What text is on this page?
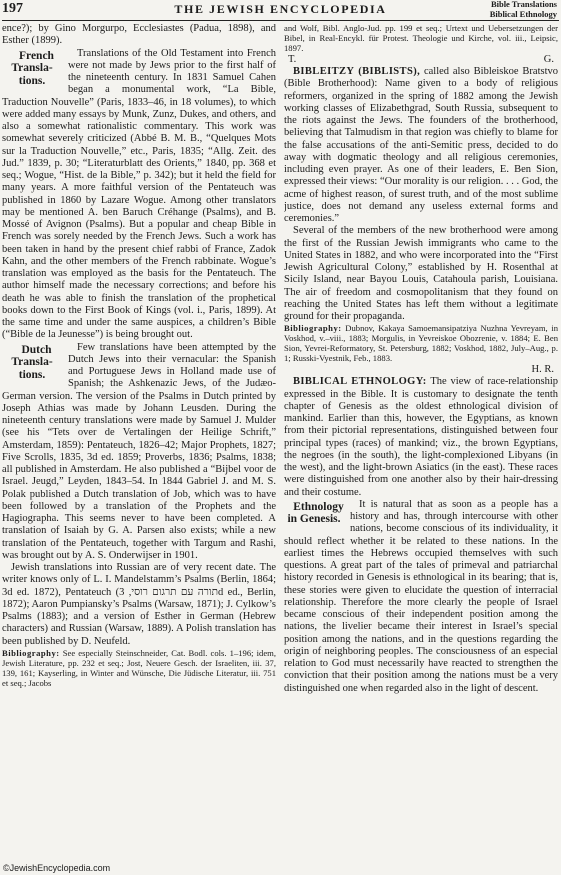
197	THE JEWISH ENCYCLOPEDIA	Bible Translations
Biblical Ethnology

ence?); by Gino Morgurpo, Ecclesiastes (Padua, 1898), and Esther (1899).

French Transla-tions.
Translations of the Old Testament into French were not made by Jews prior to the first half of the nineteenth century. In 1831 Samuel Cahen began a monumental work, “La Bible, Traduction Nouvelle” (Paris, 1833–46, in 18 volumes), to which were added many essays by Munk, Zunz, Dukes, and others, and also a somewhat rationalistic commentary. This work was somewhat severely criticized (Abbé B. M. B., “Quelques Mots sur la Traduction Nouvelle,” etc., Paris, 1835; “Allg. Zeit. des Jud.” 1839, p. 30; “Literaturblatt des Orients,” 1840, pp. 368 et seq.; Wogue, “Hist. de la Bible,” p. 342); but it held the field for many years. A more faithful version of the Pentateuch was published in 1860 by Lazare Wogue. Among other translators may be mentioned A. ben Baruch Créhange (Psalms), and B. Mossé of Avignon (Psalms). But a popular and cheap Bible in French was sorely needed by the French Jews. Such a work has been taken in hand by the present chief rabbi of France, Zadok Kahn, and the other members of the French rabbinate. Wogue’s translation was employed as the basis for the Pentateuch. The author himself made the necessary corrections; and before his death he was able to finish the translation of the prophetical books down to the First Book of Kings (vol. i., Paris, 1899). At the same time and under the same auspices, a children’s Bible (“Bible de la Jeunesse”) is being brought out.

Dutch Transla-tions.
Few translations have been attempted by the Dutch Jews into their vernacular: the Spanish and Portuguese Jews in Holland made use of Spanish; the Ashkenazic Jews, of the Judæo-German version. The version of the Psalms in Dutch printed by Joseph Athias was made by Johann Leusden. During the nineteenth century translations were made by Samuel J. Mulder (see his “Tets over de Vertalingen der Heilige Schrift,” Amsterdam, 1859): Pentateuch, 1826–42; Major Prophets, 1827; Five Scrolls, 1835, 3d ed. 1859; Proverbs, 1836; Psalms, 1838; all published in Amsterdam. He also published a “Bijbel voor de Israel. Jeugd,” Leyden, 1843–54. In 1844 Gabriel J. and M. S. Polak published a Dutch translation of Job, which was to have been followed by a translation of the Prophets and the Hagiographa. This seems never to have been completed. A translation of Isaiah by G. A. Parsen also exists; while a new translation of the Pentateuch, together with Targum and Rashi, was brought out by A. S. Onderwijser in 1901.

Jewish translations into Russian are of very recent date. The writer knows only of L. I. Mandelstamm’s Psalms (Berlin, 1864; 3d ed. 1872), Pentateuch (תורה עם תרגום רוסי, 3d ed., Berlin, 1872); Aaron Pumpiansky’s Psalms (Warsaw, 1871); J. Cylkow’s Psalms (1883); and a version of Esther in German (Hebrew characters) and Russian (Warsaw, 1889). A Polish translation has been published by D. Neufeld.

Bibliography: See especially Steinschneider, Cat. Bodl. cols. 1–196; idem, Jewish Literature, pp. 232 et seq.; Jost, Neuere Gesch. der Israeliten, iii. 37, 139, 161; Kayserling, in Winter and Wünsche, Die Jüdische Literatur, iii. 751 et seq.; Jacobs

and Wolf, Bibl. Anglo-Jud. pp. 199 et seq.; Urtext und Uebersetzungen der Bibel, in Real-Encykl. für Protest. Theologie und Kirche, vol. iii., Leipsic, 1897.

T.	G.

BIBLEITZY (BIBLISTS), called also Bibleiskoe Bratstvo (Bible Brotherhood): Name given to a body of religious reformers, organized in the spring of 1882 among the Jewish working classes of Elizabethgrad, South Russia, subsequent to the riots against the Jews. The founders of the brotherhood, believing that Talmudism in that region was chiefly to blame for the false accusations of the anti-Semitic press, decided to do away with dogmatic theology and all religious ceremonies, including even prayer. As one of their leaders, E. Ben Sion, expressed their views: “Our morality is our religion. . . . God, the acme of highest reason, of surest truth, and of the most sublime justice, does not demand any useless external forms and ceremonies.”

Several of the members of the new brotherhood were among the first of the Russian Jewish immigrants who came to the United States in 1882, and who were incorporated into the “First Jewish Agricultural Colony,” established by H. Rosenthal at Sicily Island, near Bayou Louis, Catahoula parish, Louisiana. The air of freedom and cosmopolitanism that they found on reaching the United States has left them without a legitimate ground for their propaganda.

Bibliography: Dubnov, Kakaya Samoemansipatziya Nuzhna Yevreyam, in Voskhod, v.–viii., 1883; Morgulis, in Yevreiskoe Obozrenie, v. 1884; E. Ben Sion, Yevrei-Reformatory, St. Petersburg, 1882; Voskhod, 1882, July–Aug., p. 1; Russki-Vyestnik, Feb., 1883.

H. R.

BIBLICAL ETHNOLOGY: The view of race-relationship expressed in the Bible. It is customary to designate the tenth chapter of Genesis as the oldest ethnological division of mankind. Earlier than this, however, the Egyptians, as known from their pictorial representations, distinguished between four principal types (races) of mankind; viz., the brown Egyptians, the negroes (in the south), the light-complexioned Libyans (in the west), and the light-brown Asiatics (in the east). These races were distinguished from one another also by their hair-dressing and their costume.

Ethnology in Genesis.
It is natural that as soon as a people has a history and has, through intercourse with other nations, become conscious of its individuality, it should reflect whether it be related to these nations. In the earliest times the Hebrews occupied themselves with such questions. A great part of the tales of primeval and patriarchal history recorded in Genesis is ethnological in its bearing; that is, these stories were given to elucidate the question of interracial relationship. Therefore the more clearly the people of Israel became conscious of their independent position among the nations, the livelier became their interest in Israel’s special position among the nations, and in the questions regarding the origin of neighboring peoples. The consciousness of an especial relation to God must necessarily have reacted to strengthen the conviction that their position among the nations must be a very distinguished one when regarded also in the light of descent.

©JewishEncyclopedia.com
